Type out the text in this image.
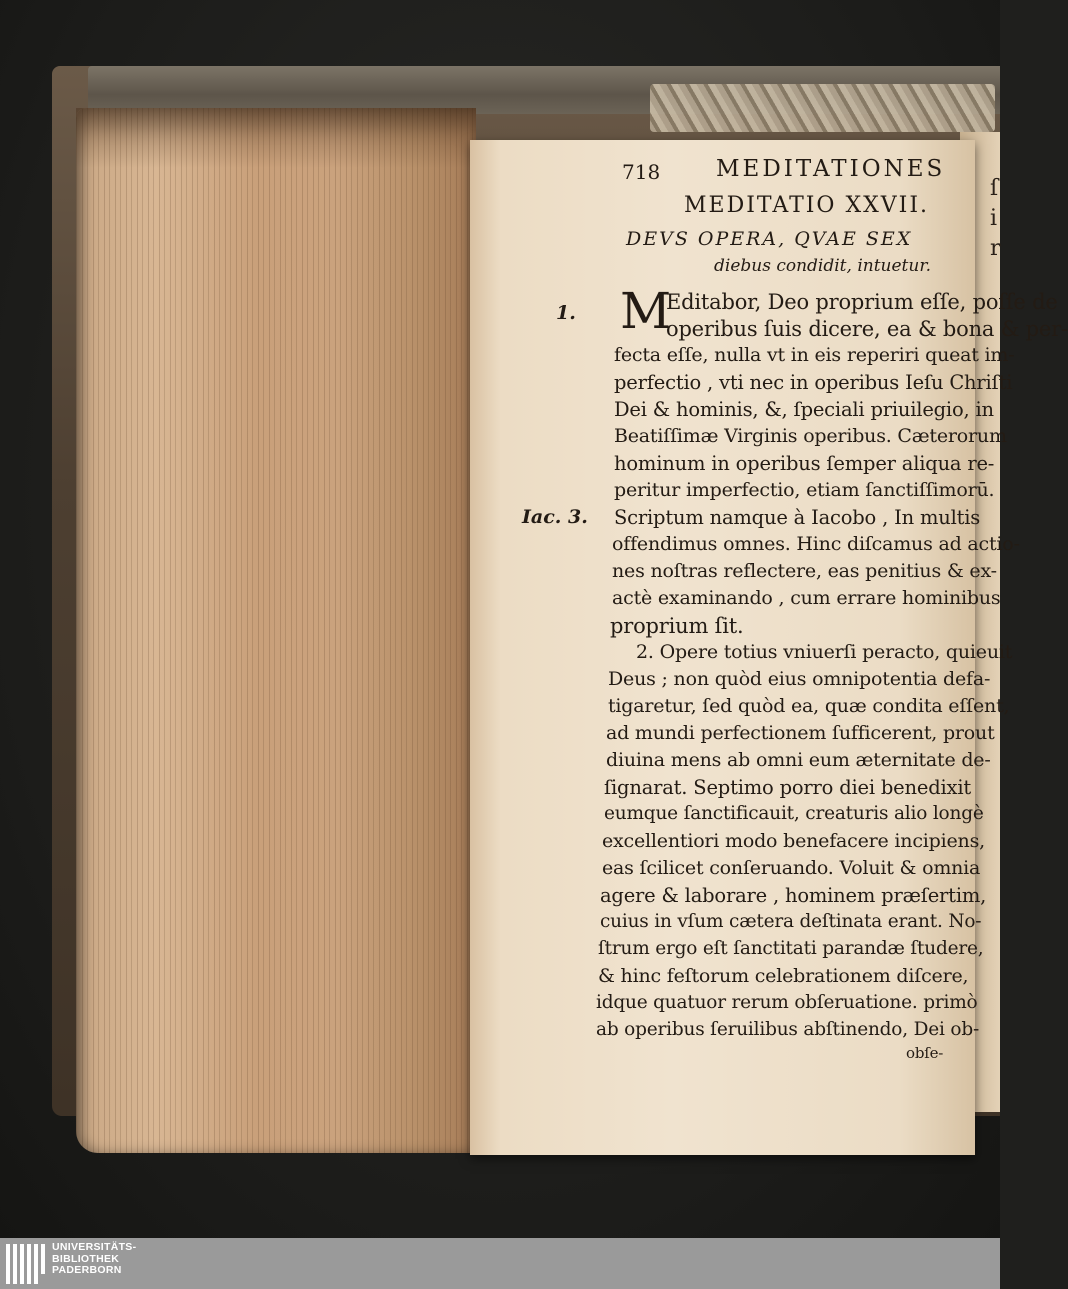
ſ
i
r
718 MEDITATIONES
MEDITATIO XXVII.
DEVS OPERA, QVAE SEX
diebus condidit, intuetur.
M
1.
Iac. 3.
Editabor, Deo proprium eſſe, poſſe de
operibus ſuis dicere, ea & bona & per-
fecta eſſe, nulla vt in eis reperiri queat im-
perfectio , vti nec in operibus Ieſu Chriſti
Dei & hominis, &, ſpeciali priuilegio, in
Beatiſſimæ Virginis operibus. Cæterorum
hominum in operibus ſemper aliqua re-
peritur imperfectio, etiam ſanctiſſimorū.
Scriptum namque à Iacobo , In multis
offendimus omnes. Hinc diſcamus ad actio-
nes noſtras reflectere, eas penitius & ex-
actè examinando , cum errare hominibus
proprium ſit.
2. Opere totius vniuerſi peracto, quieuit
Deus ; non quòd eius omnipotentia defa-
tigaretur, ſed quòd ea, quæ condita eſſent,
ad mundi perfectionem ſufficerent, prout
diuina mens ab omni eum æternitate de-
ſignarat. Septimo porro diei benedixit
eumque ſanctificauit, creaturis alio longè
excellentiori modo benefacere incipiens,
eas ſcilicet conſeruando. Voluit & omnia
agere & laborare , hominem præſertim,
cuius in vſum cætera deſtinata erant. No-
ſtrum ergo eſt ſanctitati parandæ ſtudere,
& hinc feſtorum celebrationem diſcere,
idque quatuor rerum obſeruatione. primò
ab operibus ſeruilibus abſtinendo, Dei ob-
obſe-
UNIVERSITÄTS-
BIBLIOTHEK
PADERBORN
